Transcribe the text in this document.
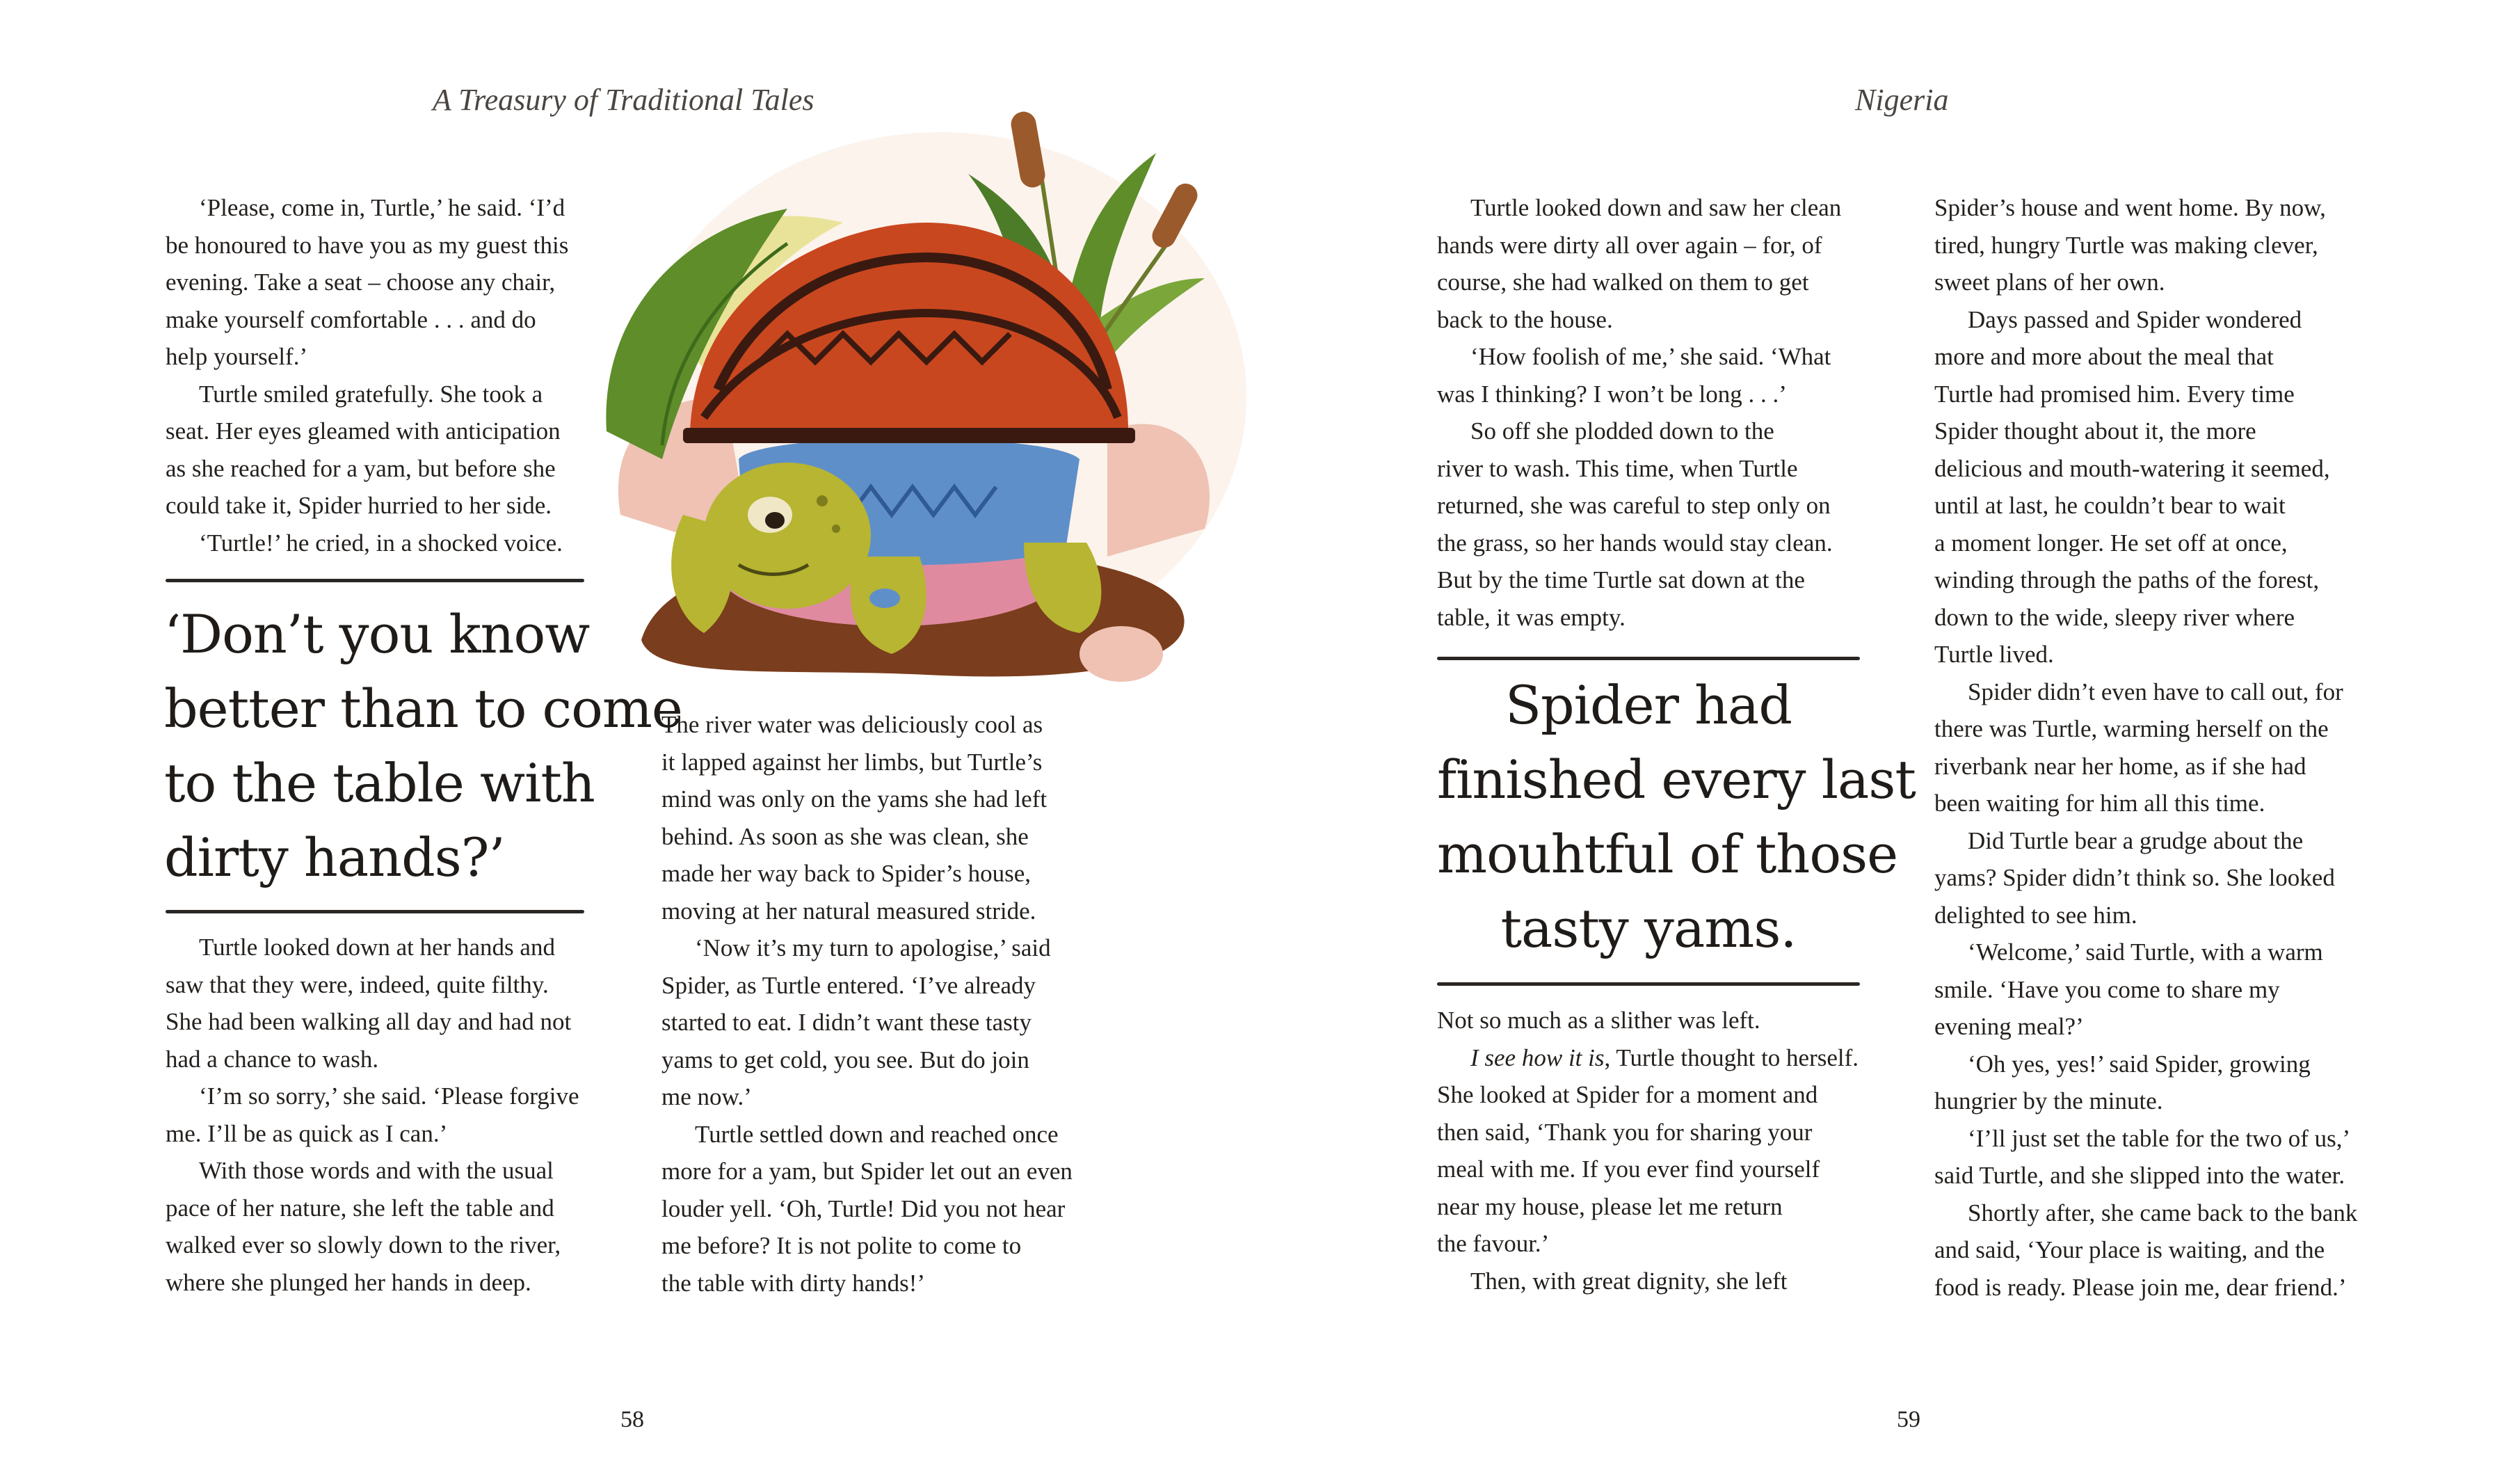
A Treasury of Traditional Tales

‘Please, come in, Turtle,’ he said. ‘I’d

be honoured to have you as my guest this

evening. Take a seat – choose any chair,

make yourself comfortable . . . and do

help yourself.’

Turtle smiled gratefully. She took a

seat. Her eyes gleamed with anticipation

as she reached for a yam, but before she

could take it, Spider hurried to her side.

‘Turtle!’ he cried, in a shocked voice.

‘Don’t you know
better than to come
to the table with
dirty hands?’

Turtle looked down at her hands and

saw that they were, indeed, quite filthy.

She had been walking all day and had not

had a chance to wash.

‘I’m so sorry,’ she said. ‘Please forgive

me. I’ll be as quick as I can.’

With those words and with the usual

pace of her nature, she left the table and

walked ever so slowly down to the river,

where she plunged her hands in deep.

The river water was deliciously cool as

it lapped against her limbs, but Turtle’s

mind was only on the yams she had left

behind. As soon as she was clean, she

made her way back to Spider’s house,

moving at her natural measured stride.

‘Now it’s my turn to apologise,’ said

Spider, as Turtle entered. ‘I’ve already

started to eat. I didn’t want these tasty

yams to get cold, you see. But do join

me now.’

Turtle settled down and reached once

more for a yam, but Spider let out an even

louder yell. ‘Oh, Turtle! Did you not hear

me before? It is not polite to come to

the table with dirty hands!’

58
Nigeria

Turtle looked down and saw her clean

hands were dirty all over again – for, of

course, she had walked on them to get

back to the house.

‘How foolish of me,’ she said. ‘What

was I thinking? I won’t be long . . .’

So off she plodded down to the

river to wash. This time, when Turtle

returned, she was careful to step only on

the grass, so her hands would stay clean.

But by the time Turtle sat down at the

table, it was empty.

Spider had
finished every last
mouhtful of those
tasty yams.

Not so much as a slither was left.

I see how it is, Turtle thought to herself.

She looked at Spider for a moment and

then said, ‘Thank you for sharing your

meal with me. If you ever find yourself

near my house, please let me return

the favour.’

Then, with great dignity, she left

Spider’s house and went home. By now,

tired, hungry Turtle was making clever,

sweet plans of her own.

Days passed and Spider wondered

more and more about the meal that

Turtle had promised him. Every time

Spider thought about it, the more

delicious and mouth-watering it seemed,

until at last, he couldn’t bear to wait

a moment longer. He set off at once,

winding through the paths of the forest,

down to the wide, sleepy river where

Turtle lived.

Spider didn’t even have to call out, for

there was Turtle, warming herself on the

riverbank near her home, as if she had

been waiting for him all this time.

Did Turtle bear a grudge about the

yams? Spider didn’t think so. She looked

delighted to see him.

‘Welcome,’ said Turtle, with a warm

smile. ‘Have you come to share my

evening meal?’

‘Oh yes, yes!’ said Spider, growing

hungrier by the minute.

‘I’ll just set the table for the two of us,’

said Turtle, and she slipped into the water.

Shortly after, she came back to the bank

and said, ‘Your place is waiting, and the

food is ready. Please join me, dear friend.’

59
